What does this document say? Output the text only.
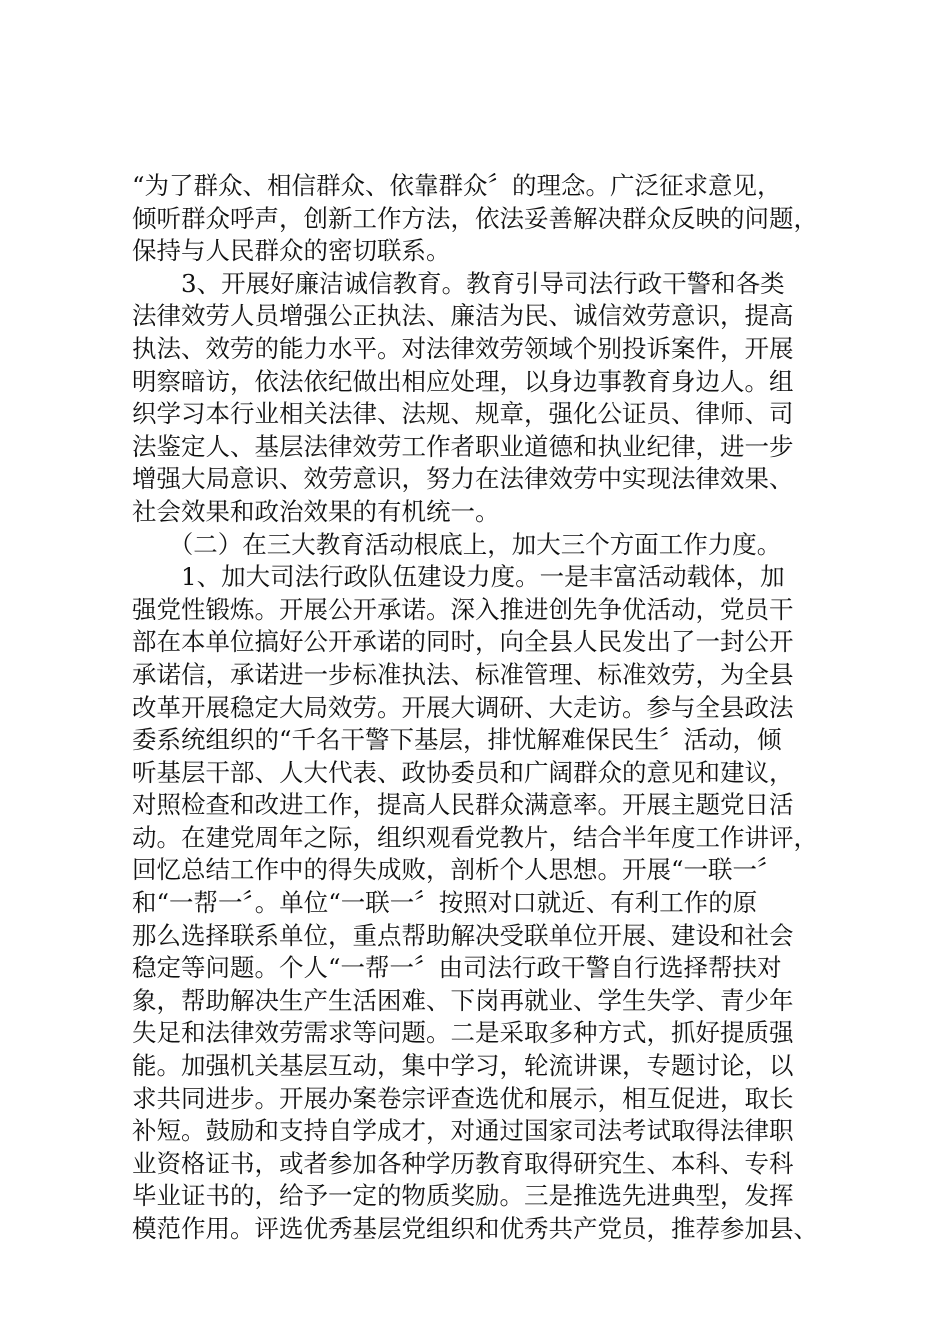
“为了群众、相信群众、依靠群众〞的理念。广泛征求意见，
倾听群众呼声，创新工作方法，依法妥善解决群众反映的问题，
保持与人民群众的密切联系。
　　3、开展好廉洁诚信教育。教育引导司法行政干警和各类
法律效劳人员增强公正执法、廉洁为民、诚信效劳意识，提高
执法、效劳的能力水平。对法律效劳领域个别投诉案件，开展
明察暗访，依法依纪做出相应处理，以身边事教育身边人。组
织学习本行业相关法律、法规、规章，强化公证员、律师、司
法鉴定人、基层法律效劳工作者职业道德和执业纪律，进一步
增强大局意识、效劳意识，努力在法律效劳中实现法律效果、
社会效果和政治效果的有机统一。
　　（二）在三大教育活动根底上，加大三个方面工作力度。
　　1、加大司法行政队伍建设力度。一是丰富活动载体，加
强党性锻炼。开展公开承诺。深入推进创先争优活动，党员干
部在本单位搞好公开承诺的同时，向全县人民发出了一封公开
承诺信，承诺进一步标准执法、标准管理、标准效劳，为全县
改革开展稳定大局效劳。开展大调研、大走访。参与全县政法
委系统组织的“千名干警下基层，排忧解难保民生〞活动，倾
听基层干部、人大代表、政协委员和广阔群众的意见和建议，
对照检查和改进工作，提高人民群众满意率。开展主题党日活
动。在建党周年之际，组织观看党教片，结合半年度工作讲评，
回忆总结工作中的得失成败，剖析个人思想。开展“一联一〞
和“一帮一〞。单位“一联一〞按照对口就近、有利工作的原
那么选择联系单位，重点帮助解决受联单位开展、建设和社会
稳定等问题。个人“一帮一〞由司法行政干警自行选择帮扶对
象，帮助解决生产生活困难、下岗再就业、学生失学、青少年
失足和法律效劳需求等问题。二是采取多种方式，抓好提质强
能。加强机关基层互动，集中学习，轮流讲课，专题讨论，以
求共同进步。开展办案卷宗评查选优和展示，相互促进，取长
补短。鼓励和支持自学成才，对通过国家司法考试取得法律职
业资格证书，或者参加各种学历教育取得研究生、本科、专科
毕业证书的，给予一定的物质奖励。三是推选先进典型，发挥
模范作用。评选优秀基层党组织和优秀共产党员，推荐参加县、
